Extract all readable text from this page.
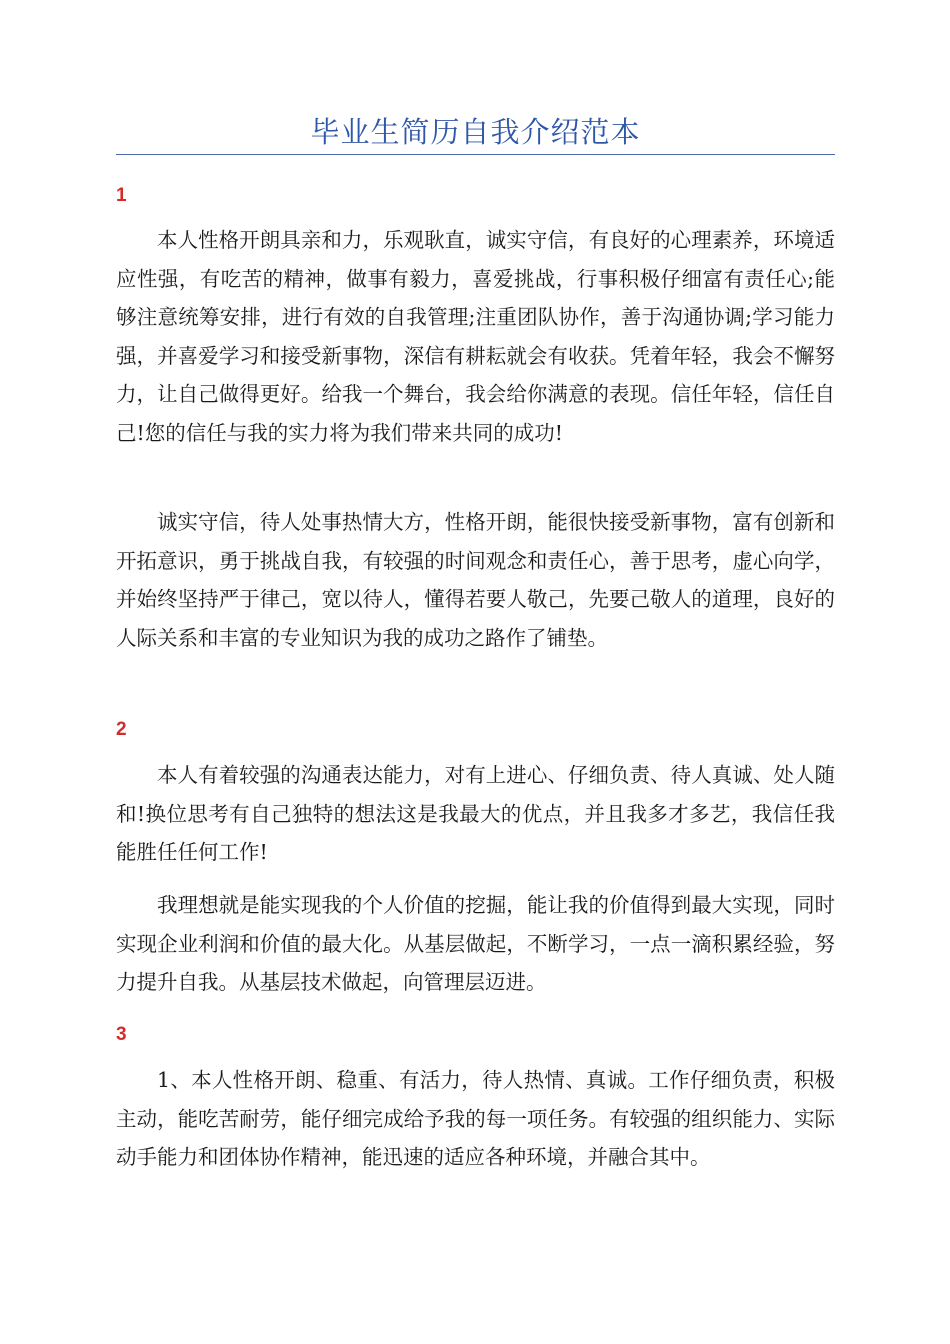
毕业生简历自我介绍范本
1

本人性格开朗具亲和力，乐观耿直，诚实守信，有良好的心理素养，环境适应性强，有吃苦的精神，做事有毅力，喜爱挑战，行事积极仔细富有责任心;能够注意统筹安排，进行有效的自我管理;注重团队协作，善于沟通协调;学习能力强，并喜爱学习和接受新事物，深信有耕耘就会有收获。凭着年轻，我会不懈努力，让自己做得更好。给我一个舞台，我会给你满意的表现。信任年轻，信任自己!您的信任与我的实力将为我们带来共同的成功!

诚实守信，待人处事热情大方，性格开朗，能很快接受新事物，富有创新和开拓意识，勇于挑战自我，有较强的时间观念和责任心，善于思考，虚心向学，并始终坚持严于律己，宽以待人，懂得若要人敬己，先要己敬人的道理，良好的人际关系和丰富的专业知识为我的成功之路作了铺垫。

2

本人有着较强的沟通表达能力，对有上进心、仔细负责、待人真诚、处人随和!换位思考有自己独特的想法这是我最大的优点，并且我多才多艺，我信任我能胜任任何工作!

我理想就是能实现我的个人价值的挖掘，能让我的价值得到最大实现，同时实现企业利润和价值的最大化。从基层做起，不断学习，一点一滴积累经验，努力提升自我。从基层技术做起，向管理层迈进。

3

1、本人性格开朗、稳重、有活力，待人热情、真诚。工作仔细负责，积极主动，能吃苦耐劳，能仔细完成给予我的每一项任务。有较强的组织能力、实际动手能力和团体协作精神，能迅速的适应各种环境，并融合其中。
